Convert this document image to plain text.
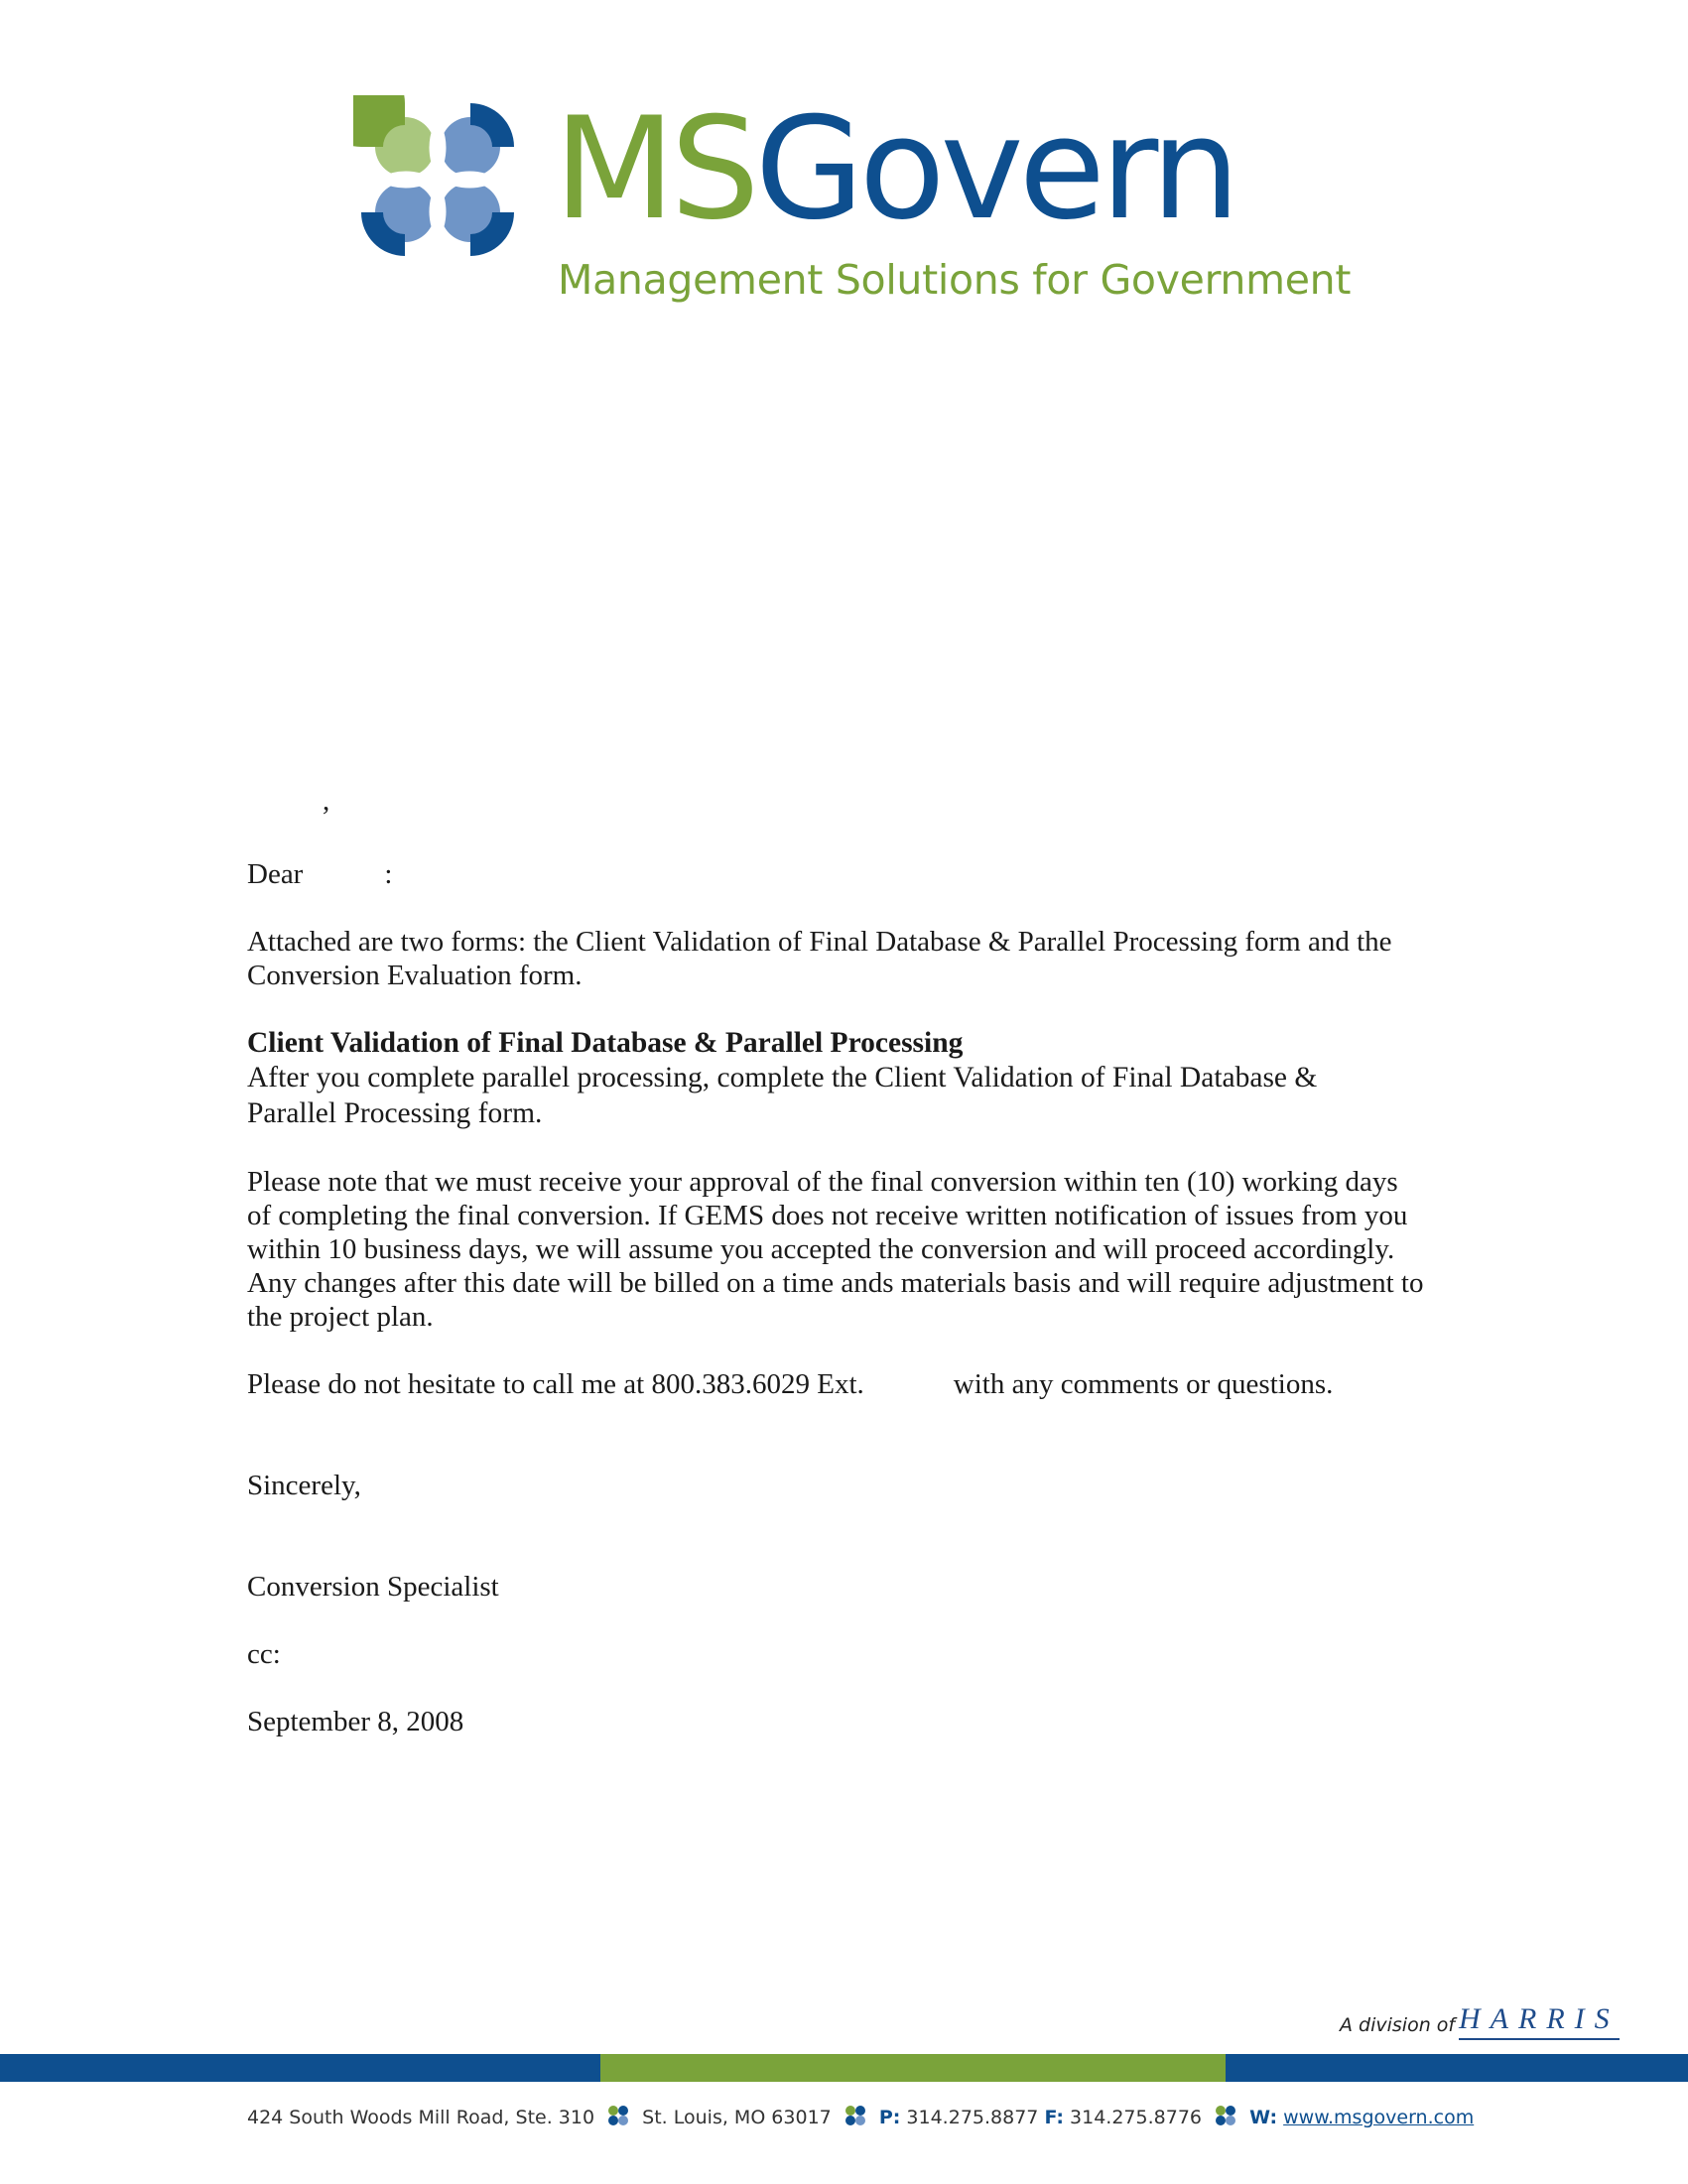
MSGovern
Management Solutions for Government

,

Dear	:

Attached are two forms: the Client Validation of Final Database & Parallel Processing form and the

Conversion Evaluation form.

Client Validation of Final Database & Parallel Processing

After you complete parallel processing, complete the Client Validation of Final Database &

Parallel Processing form.

Please note that we must receive your approval of the final conversion within ten (10) working days

of completing the final conversion. If GEMS does not receive written notification of issues from you

within 10 business days, we will assume you accepted the conversion and will proceed accordingly.

Any changes after this date will be billed on a time ands materials basis and will require adjustment to

the project plan.

Please do not hesitate to call me at 800.383.6029 Ext.	with any comments or questions.

Sincerely,

Conversion Specialist

cc:

September 8, 2008

A division of HARRIS
424 South Woods Mill Road, Ste. 310	St. Louis, MO 63017	P: 314.275.8877 F: 314.275.8776	W: www.msgovern.com
